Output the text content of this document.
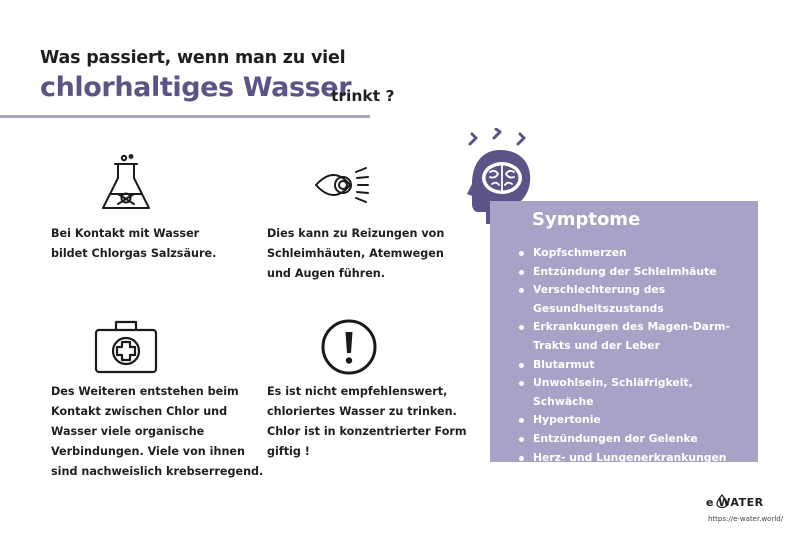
Was passiert, wenn man zu viel
chlorhaltiges Wasser
trinkt ?
Bei Kontakt mit Wasser
bildet Chlorgas Salzsäure.
Dies kann zu Reizungen von
Schleimhäuten, Atemwegen
und Augen führen.
Des Weiteren entstehen beim
Kontakt zwischen Chlor und
Wasser viele organische
Verbindungen. Viele von ihnen
sind nachweislich krebserregend.
Es ist nicht empfehlenswert,
chloriertes Wasser zu trinken.
Chlor ist in konzentrierter Form
giftig !
Symptome
Kopfschmerzen
Entzündung der Schleimhäute
Verschlechterung des Gesundheitszustands
Erkrankungen des Magen-Darm-Trakts und der Leber
Blutarmut
Unwohlsein, Schläfrigkeit, Schwäche
Hypertonie
Entzündungen der Gelenke
Herz- und Lungenerkrankungen
e WATER
https://e-water.world/
